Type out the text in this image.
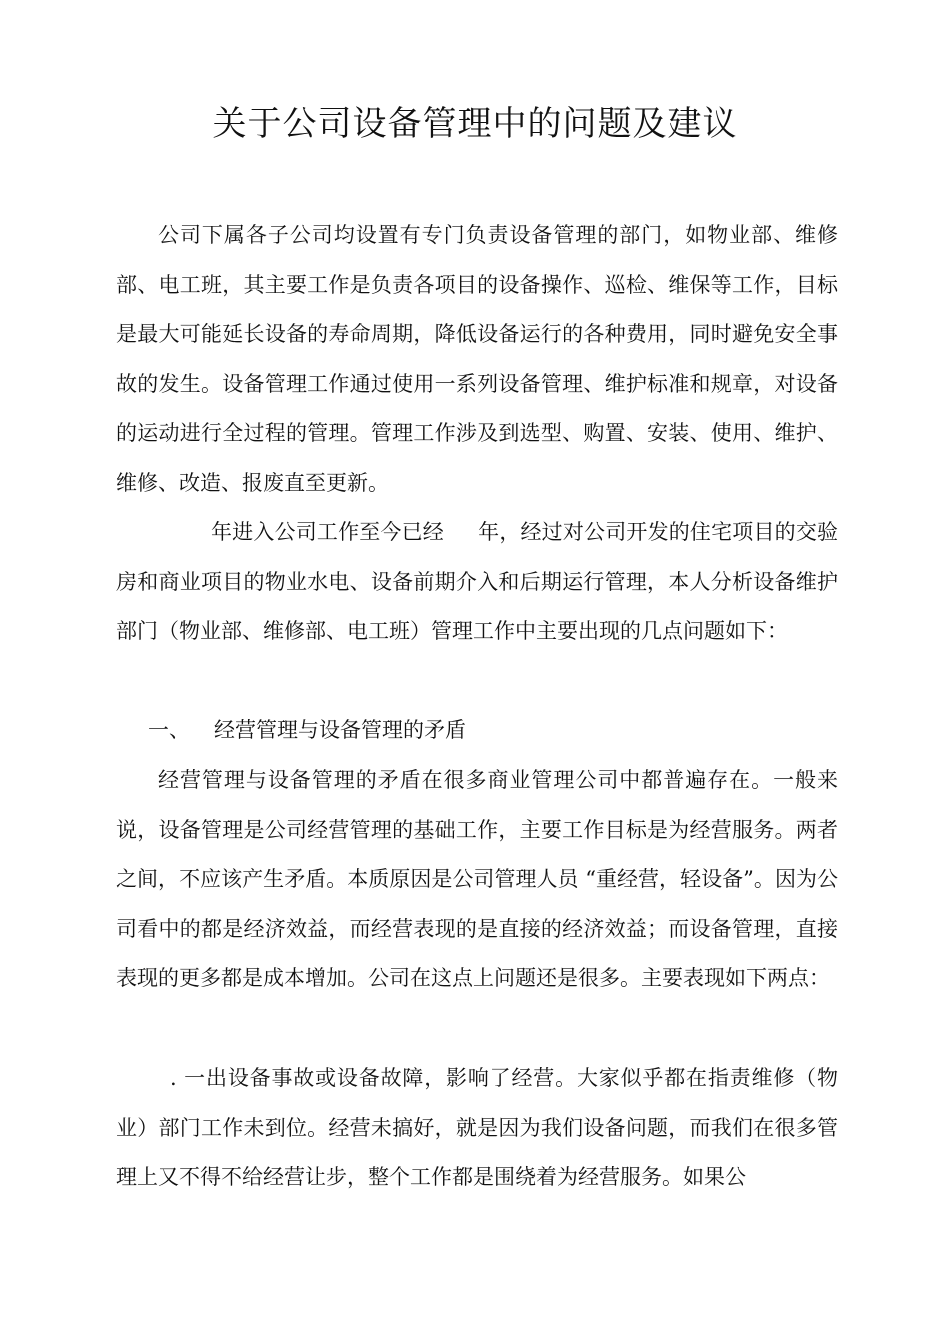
关于公司设备管理中的问题及建议

公司下属各子公司均设置有专门负责设备管理的部门，如物业部、维修部、电工班，其主要工作是负责各项目的设备操作、巡检、维保等工作，目标是最大可能延长设备的寿命周期，降低设备运行的各种费用，同时避免安全事故的发生。设备管理工作通过使用一系列设备管理、维护标准和规章，对设备的运动进行全过程的管理。管理工作涉及到选型、购置、安装、使用、维护、维修、改造、报废直至更新。

年进入公司工作至今已经 年，经过对公司开发的住宅项目的交验房和商业项目的物业水电、设备前期介入和后期运行管理，本人分析设备维护部门（物业部、维修部、电工班）管理工作中主要出现的几点问题如下：

一、 经营管理与设备管理的矛盾

经营管理与设备管理的矛盾在很多商业管理公司中都普遍存在。一般来说，设备管理是公司经营管理的基础工作，主要工作目标是为经营服务。两者之间，不应该产生矛盾。本质原因是公司管理人员 “重经营，轻设备”。因为公司看中的都是经济效益，而经营表现的是直接的经济效益；而设备管理，直接表现的更多都是成本增加。公司在这点上问题还是很多。主要表现如下两点：

. 一出设备事故或设备故障，影响了经营。大家似乎都在指责维修（物业）部门工作未到位。经营未搞好，就是因为我们设备问题，而我们在很多管理上又不得不给经营让步，整个工作都是围绕着为经营服务。如果公
